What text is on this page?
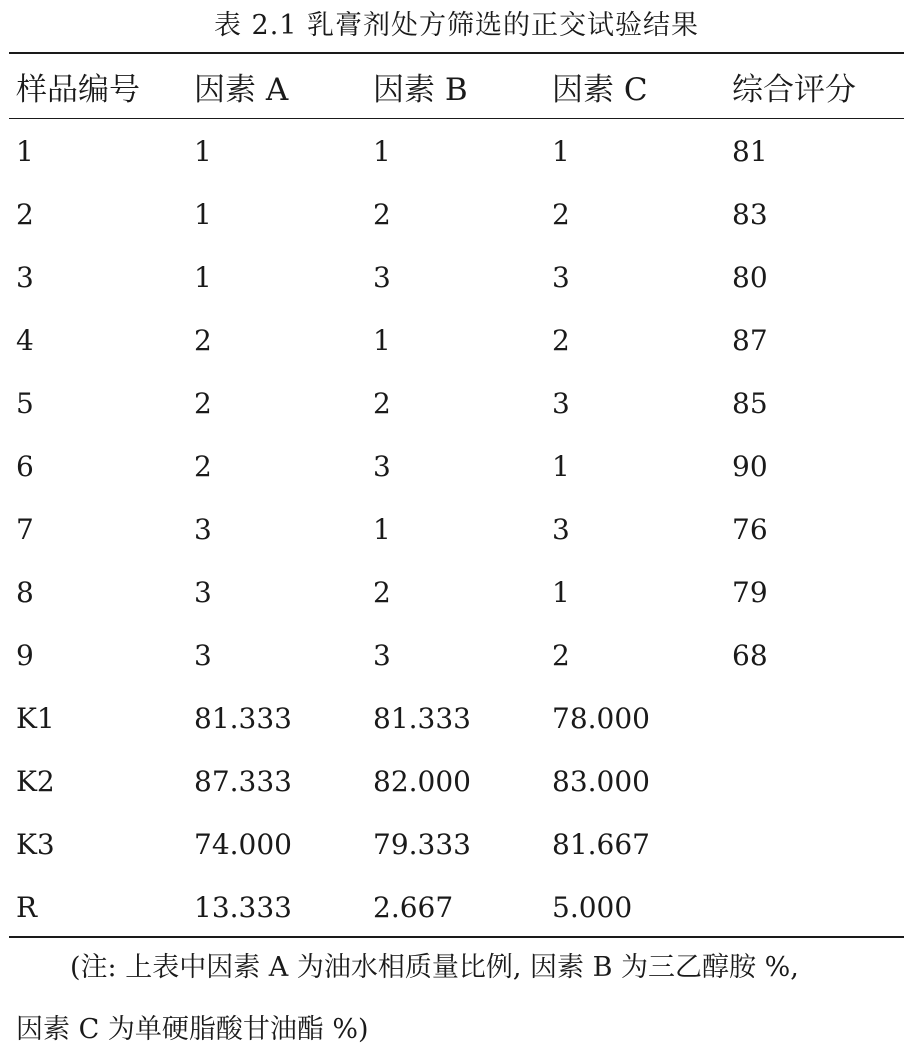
表 2.1 乳膏剂处方筛选的正交试验结果
样品编号	因素 A	因素 B	因素 C	综合评分
1	1	1	1	81
2	1	2	2	83
3	1	3	3	80
4	2	1	2	87
5	2	2	3	85
6	2	3	1	90
7	3	1	3	76
8	3	2	1	79
9	3	3	2	68
K1	81.333	81.333	78.000	
K2	87.333	82.000	83.000	
K3	74.000	79.333	81.667	
R	13.333	2.667	5.000	
(注: 上表中因素 A 为油水相质量比例, 因素 B 为三乙醇胺 %,
因素 C 为单硬脂酸甘油酯 %)
